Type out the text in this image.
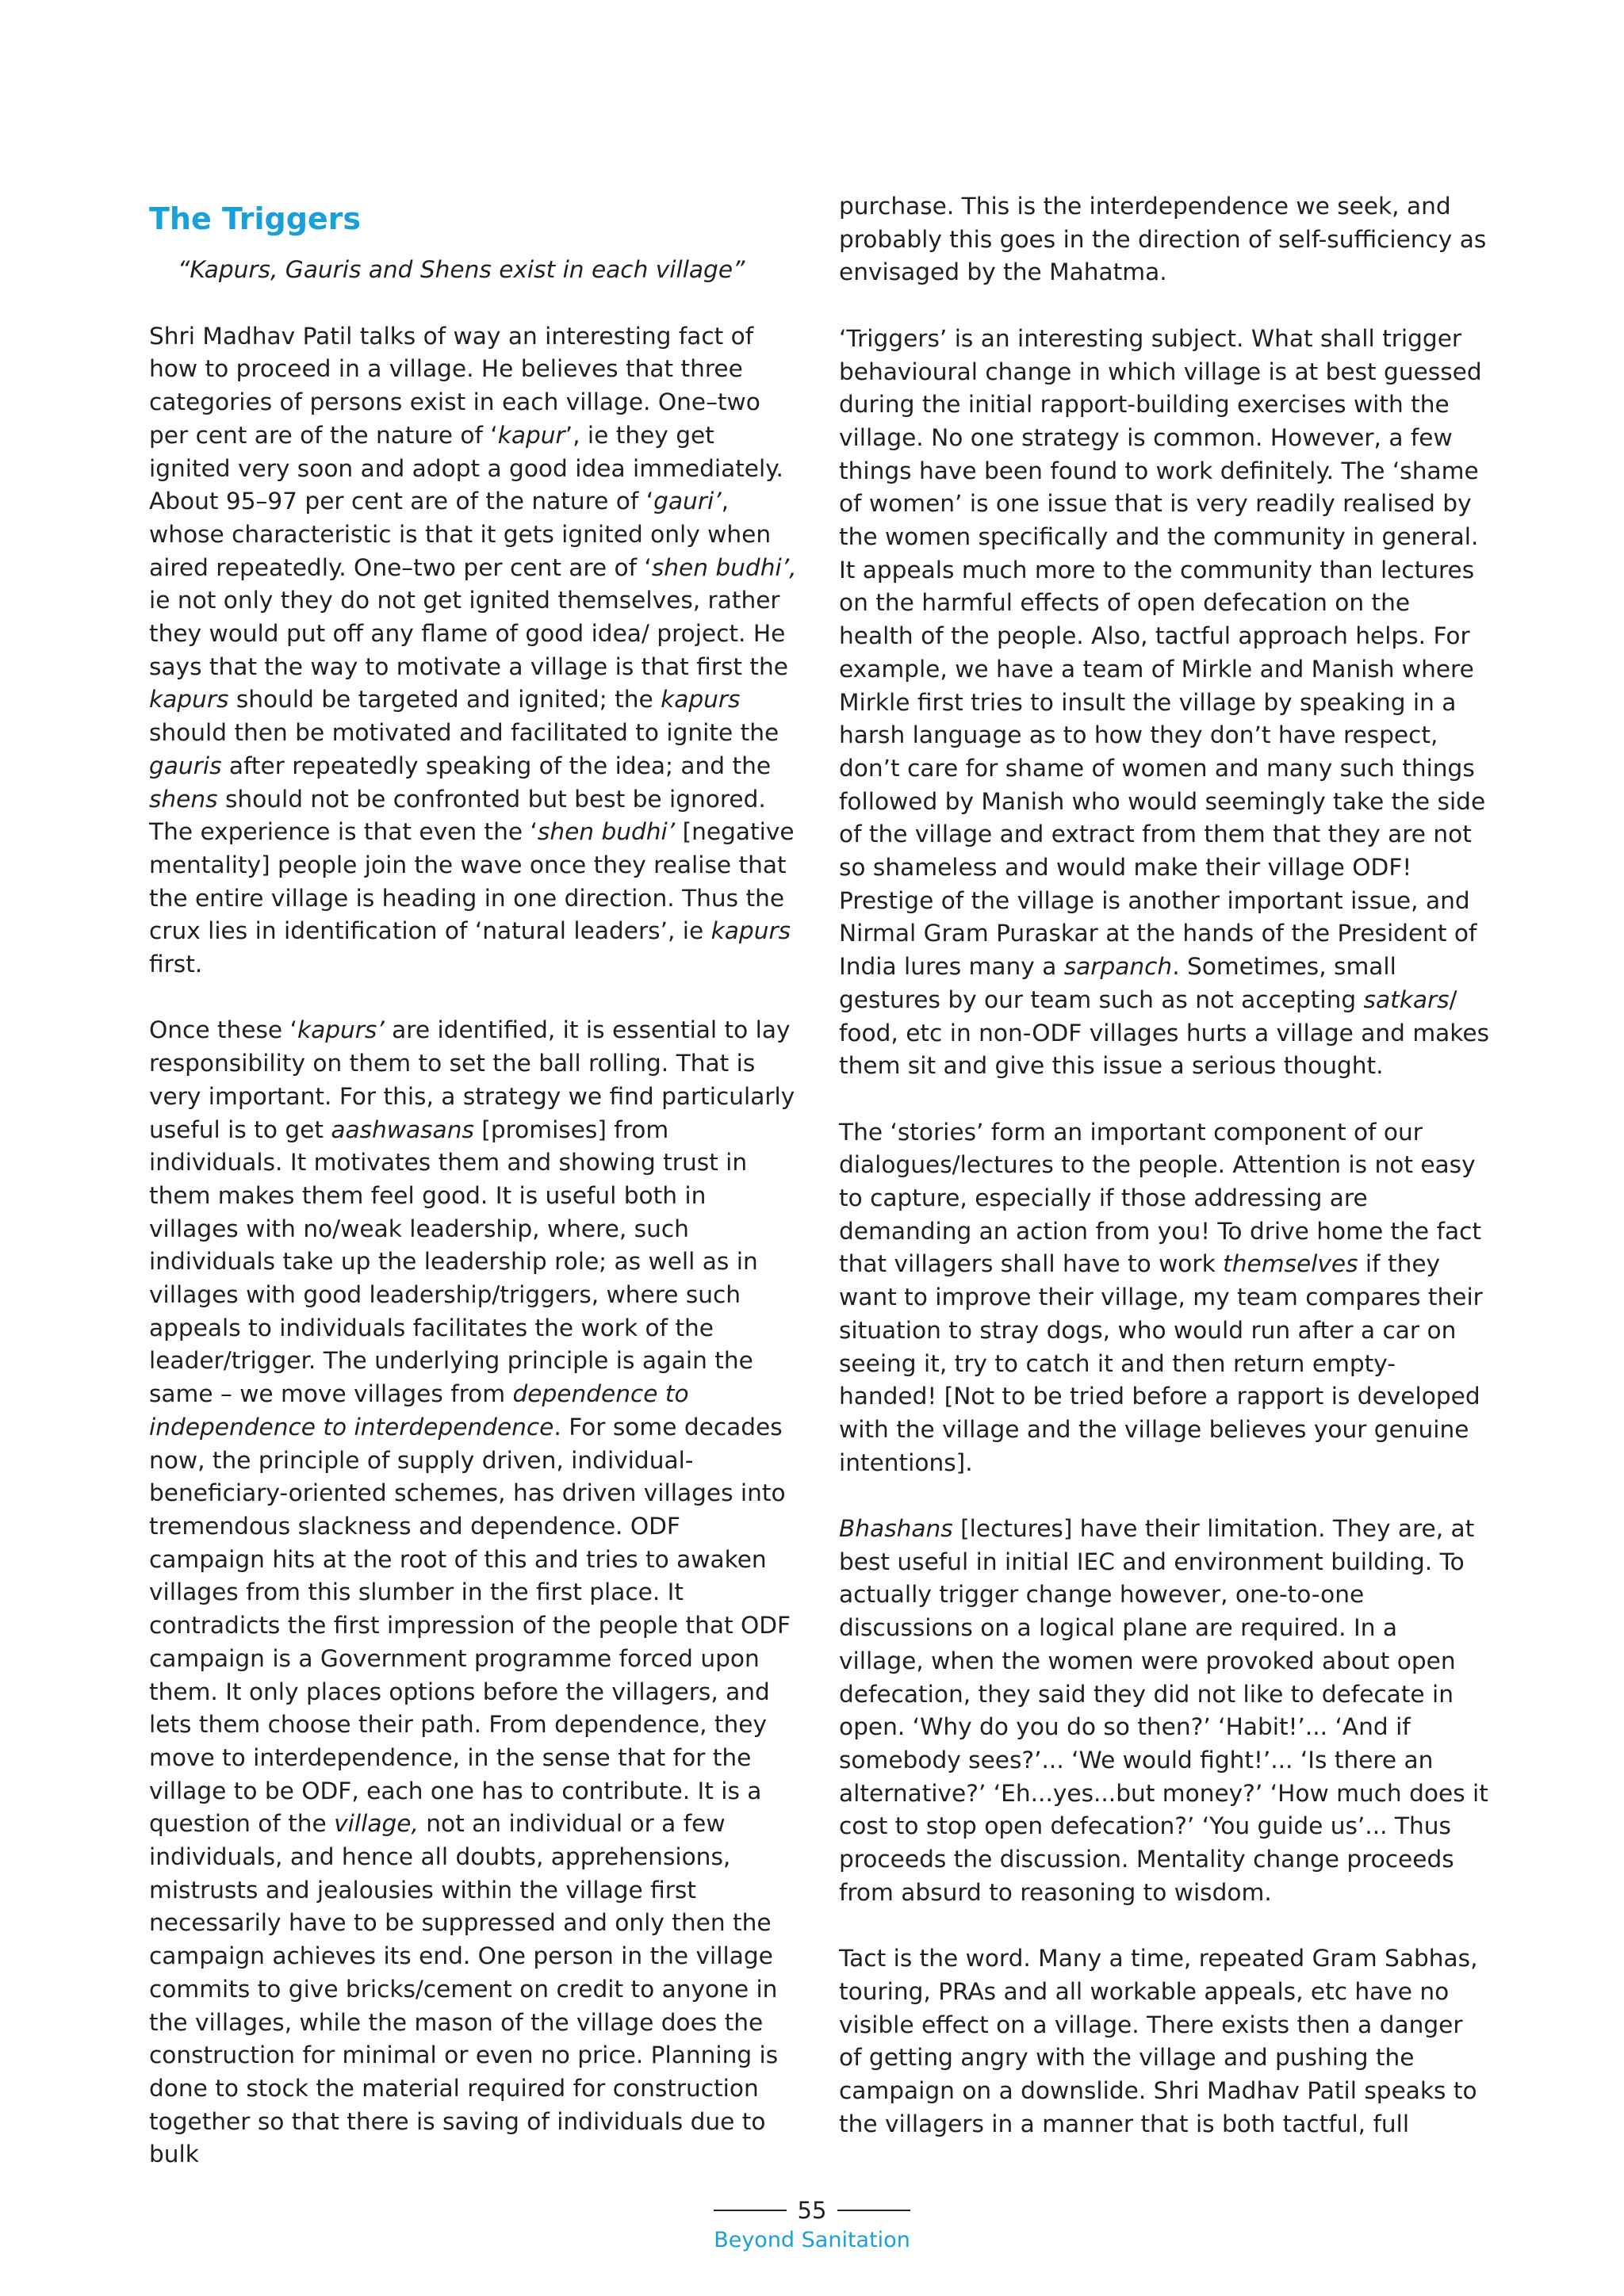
The Triggers

“Kapurs, Gauris and Shens exist in each village”

Shri Madhav Patil talks of way an interesting fact of how to proceed in a village. He believes that three categories of persons exist in each village. One–two per cent are of the nature of ‘kapur’, ie they get ignited very soon and adopt a good idea immediately. About 95–97 per cent are of the nature of ‘gauri’, whose characteristic is that it gets ignited only when aired repeatedly. One–two per cent are of ‘shen budhi’, ie not only they do not get ignited themselves, rather they would put off any flame of good idea/ project. He says that the way to motivate a village is that first the kapurs should be targeted and ignited; the kapurs should then be motivated and facilitated to ignite the gauris after repeatedly speaking of the idea; and the shens should not be confronted but best be ignored. The experience is that even the ‘shen budhi’ [negative mentality] people join the wave once they realise that the entire village is heading in one direction. Thus the crux lies in identification of ‘natural leaders’, ie kapurs first.

Once these ‘kapurs’ are identified, it is essential to lay responsibility on them to set the ball rolling. That is very important. For this, a strategy we find particularly useful is to get aashwasans [promises] from individuals. It motivates them and showing trust in them makes them feel good. It is useful both in villages with no/weak leadership, where, such individuals take up the leadership role; as well as in villages with good leadership/triggers, where such appeals to individuals facilitates the work of the leader/trigger. The underlying principle is again the same – we move villages from dependence to independence to interdependence. For some decades now, the principle of supply driven, individual-beneficiary-oriented schemes, has driven villages into tremendous slackness and dependence. ODF campaign hits at the root of this and tries to awaken villages from this slumber in the first place. It contradicts the first impression of the people that ODF campaign is a Government programme forced upon them. It only places options before the villagers, and lets them choose their path. From dependence, they move to interdependence, in the sense that for the village to be ODF, each one has to contribute. It is a question of the village, not an individual or a few individuals, and hence all doubts, apprehensions, mistrusts and jealousies within the village first necessarily have to be suppressed and only then the campaign achieves its end. One person in the village commits to give bricks/cement on credit to anyone in the villages, while the mason of the village does the construction for minimal or even no price. Planning is done to stock the material required for construction together so that there is saving of individuals due to bulk

purchase. This is the interdependence we seek, and probably this goes in the direction of self-sufficiency as envisaged by the Mahatma.

‘Triggers’ is an interesting subject. What shall trigger behavioural change in which village is at best guessed during the initial rapport-building exercises with the village. No one strategy is common. However, a few things have been found to work definitely. The ‘shame of women’ is one issue that is very readily realised by the women specifically and the community in general. It appeals much more to the community than lectures on the harmful effects of open defecation on the health of the people. Also, tactful approach helps. For example, we have a team of Mirkle and Manish where Mirkle first tries to insult the village by speaking in a harsh language as to how they don’t have respect, don’t care for shame of women and many such things followed by Manish who would seemingly take the side of the village and extract from them that they are not so shameless and would make their village ODF! Prestige of the village is another important issue, and Nirmal Gram Puraskar at the hands of the President of India lures many a sarpanch. Sometimes, small gestures by our team such as not accepting satkars/ food, etc in non-ODF villages hurts a village and makes them sit and give this issue a serious thought.

The ‘stories’ form an important component of our dialogues/lectures to the people. Attention is not easy to capture, especially if those addressing are demanding an action from you! To drive home the fact that villagers shall have to work themselves if they want to improve their village, my team compares their situation to stray dogs, who would run after a car on seeing it, try to catch it and then return empty-handed! [Not to be tried before a rapport is developed with the village and the village believes your genuine intentions].

Bhashans [lectures] have their limitation. They are, at best useful in initial IEC and environment building. To actually trigger change however, one-to-one discussions on a logical plane are required. In a village, when the women were provoked about open defecation, they said they did not like to defecate in open. ‘Why do you do so then?’ ‘Habit!’... ‘And if somebody sees?’... ‘We would fight!’... ‘Is there an alternative?’ ‘Eh...yes...but money?’ ‘How much does it cost to stop open defecation?’ ‘You guide us’... Thus proceeds the discussion. Mentality change proceeds from absurd to reasoning to wisdom.

Tact is the word. Many a time, repeated Gram Sabhas, touring, PRAs and all workable appeals, etc have no visible effect on a village. There exists then a danger of getting angry with the village and pushing the campaign on a downslide. Shri Madhav Patil speaks to the villagers in a manner that is both tactful, full

55
Beyond Sanitation
